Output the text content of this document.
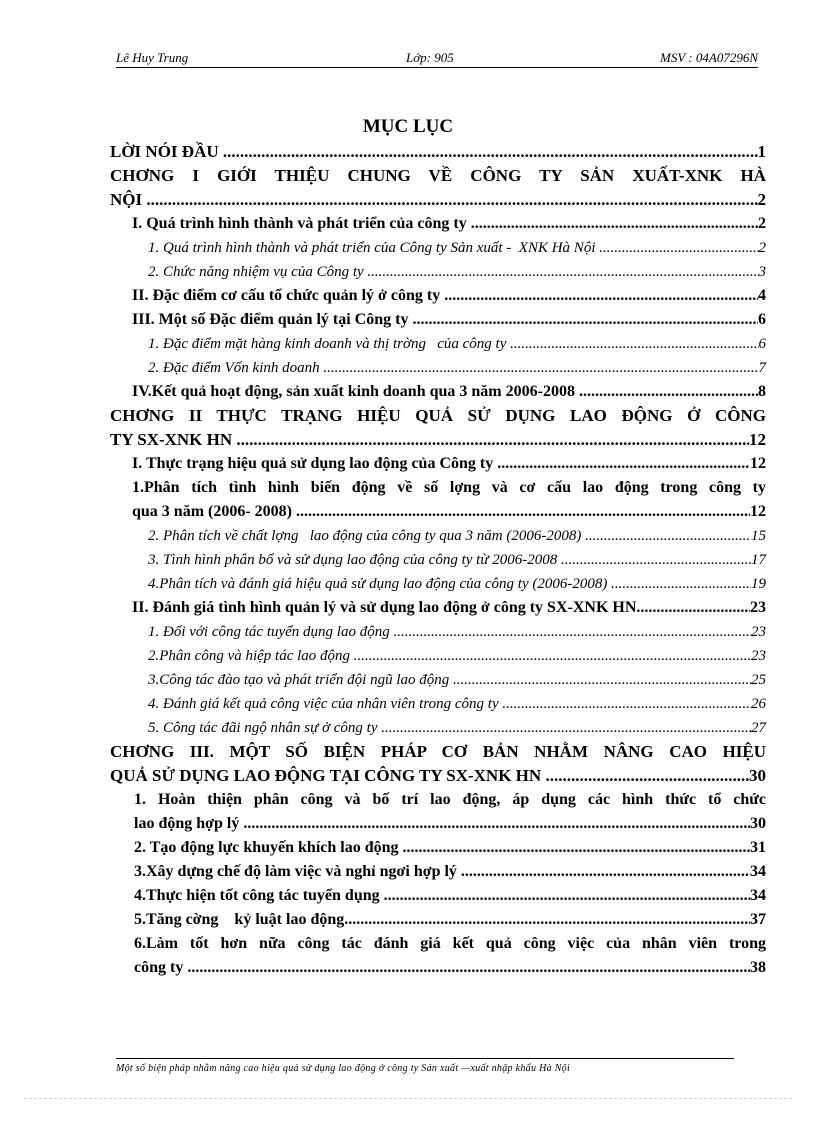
Lê Huy Trung	Lớp: 905	MSV : 04A07296N
MỤC LỤC
LỜI NÓI ĐẦU .....	1
CHƠNG I GIỚI THIỆU CHUNG VỀ CÔNG TY SẢN XUẤT-XNK HÀ
NỘI .....	2
I. Quá trình hình thành và phát triển của công ty .....	2
1. Quá trình hình thành và phát triển của Công ty Sản xuất -  XNK Hà Nội .....	2
2. Chức năng nhiệm vụ của Công ty .....	3
II. Đặc điểm cơ cấu tổ chức quản lý ở công ty .....	4
III. Một số Đặc điểm quản lý tại Công ty .....	6
1. Đặc điểm mặt hàng kinh doanh và thị trờng   của công ty .....	6
2. Đặc điểm Vốn kinh doanh .....	7
IV.Kết quả hoạt động, sản xuất kinh doanh qua 3 năm 2006-2008 .....	8
CHƠNG II THỰC TRẠNG HIỆU QUẢ SỬ DỤNG LAO ĐỘNG Ở CÔNG
TY SX-XNK HN .....	12
I. Thực trạng hiệu quả sử dụng lao động của Công ty .....	12
1.Phân tích tình hình biến động về số lợng và cơ cấu lao động trong công ty
qua 3 năm (2006- 2008) .....	12
2. Phân tích về chất lợng   lao động của công ty qua 3 năm (2006-2008) .....	15
3. Tình hình phân bổ và sử dụng lao động của công ty từ 2006-2008 .....	17
4.Phân tích và đánh giá hiệu quả sử dụng lao động của công ty (2006-2008) .....	19
II. Đánh giá tình hình quản lý và sử dụng lao động ở công ty SX-XNK HN .....	23
1. Đối với công tác tuyển dụng lao động .....	23
2.Phân công và hiệp tác lao động .....	23
3.Công tác đào tạo và phát triển đội ngũ lao động .....	25
4. Đánh giá kết quả công việc của nhân viên trong công ty .....	26
5. Công tác đãi ngộ nhân sự ở công ty .....	27
CHƠNG III. MỘT SỐ BIỆN PHÁP CƠ BẢN NHẰM NÂNG CAO HIỆU
QUẢ SỬ DỤNG LAO ĐỘNG TẠI CÔNG TY SX-XNK HN .....	30
1. Hoàn thiện phân công và bố trí lao động, áp dụng các hình thức tổ chức
lao động hợp lý .....	30
2. Tạo động lực khuyến khích lao động .....	31
3.Xây dựng chế độ làm việc và nghỉ ngơi hợp lý .....	34
4.Thực hiện tốt công tác tuyển dụng .....	34
5.Tăng cờng    kỷ luật lao động .....	37
6.Làm tốt hơn nữa công tác đánh giá kết quả công việc của nhân viên trong
công ty .....	38
Một số biện pháp nhằm nâng cao hiệu quả sử dụng lao động ở công ty Sản xuất —xuất nhập khẩu Hà Nội
